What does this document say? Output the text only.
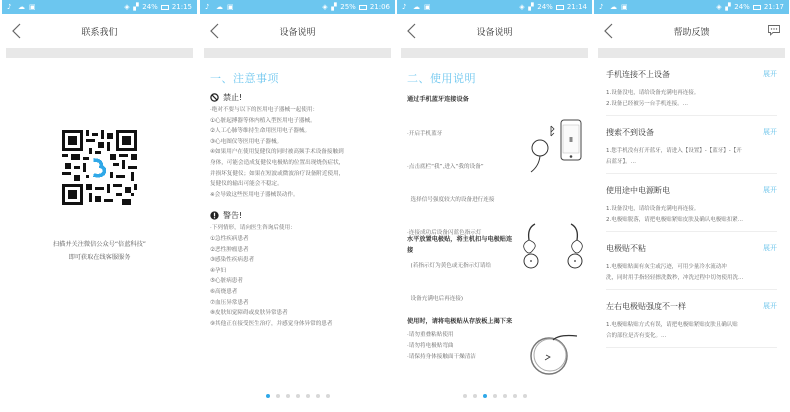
♪ ☁ ▣	◈ ▞ 24% 21:15
联系我们
扫描并关注微信公众号“倍蓝科技”
即可获取在线客服服务
♪ ☁ ▣	◈ ▞ 25% 21:06
设备说明
一、注意事项
禁止!
·绝对不要与以下的医用电子器械一起使用：
①心脏起搏器等体内植入型医用电子器械。
②人工心肺等维持生命用医用电子器械。
③心电图仪等医用电子器械。
④如果用户在使用复健仪的同时被高频手术设备接触到
身体，可能会造成复健仪电极贴的位置出现烧伤症状，
并损坏复健仪；如果在短波或微波治疗设备附近使用，
复健仪的输出可能会不稳定。
※会导致这些医用电子器械误动作。
警告!
·下列情形，请向医生咨询后使用：
①急性疾病患者
②恶性肿瘤患者
③感染性疾病患者
④孕妇
⑤心脏病患者
⑥高烧患者
⑦血压异常患者
⑧皮肤知觉障碍或皮肤异常患者
⑨其他正在接受医生治疗，并感觉身体异常的患者
♪ ☁ ▣	◈ ▞ 24% 21:14
设备说明
二、使用说明
通过手机蓝牙连接设备

·开启手机蓝牙

·点击底栏“我”,进入“我的设备”

选择信号强度较大的设备进行连接

·连接成功后设备闪蓝色指示灯

(若指示灯为黄色或无指示灯请给

设备充满电后再连接)

水平放置电极贴，将主机扣与电极贴连接
使用时，请将电极贴从存放板上揭下来
·请勿重叠粘贴使用
·请勿将电极贴弯曲
·请保持身体接触面干燥清洁
♪ ☁ ▣	◈ ▞ 24% 21:17
帮助反馈
手机连接不上设备	展开
1.设备没电，请给设备充满电再连接。
2.设备已经被另一台手机连接。...
搜索不到设备	展开
1.您手机没有打开蓝牙，请进入【设置】-【蓝牙】-【开
启蓝牙】。...
使用途中电源断电	展开
1.设备没电，请给设备充满电再连接。
2.电极贴脱落，请把电极贴紧贴皮肤及确认电极贴扣紧...
电极贴不粘	展开
1.电极贴贴面有灰尘或污迹，可用少量冷水流动冲
洗，同时用手指轻轻擦洗数秒，冲洗过程中切勿使用洗...
左右电极贴强度不一样	展开
1.电极贴粘贴方式有误，请把电极贴紧贴皮肤且确认贴
合的部位是否有变化。...
